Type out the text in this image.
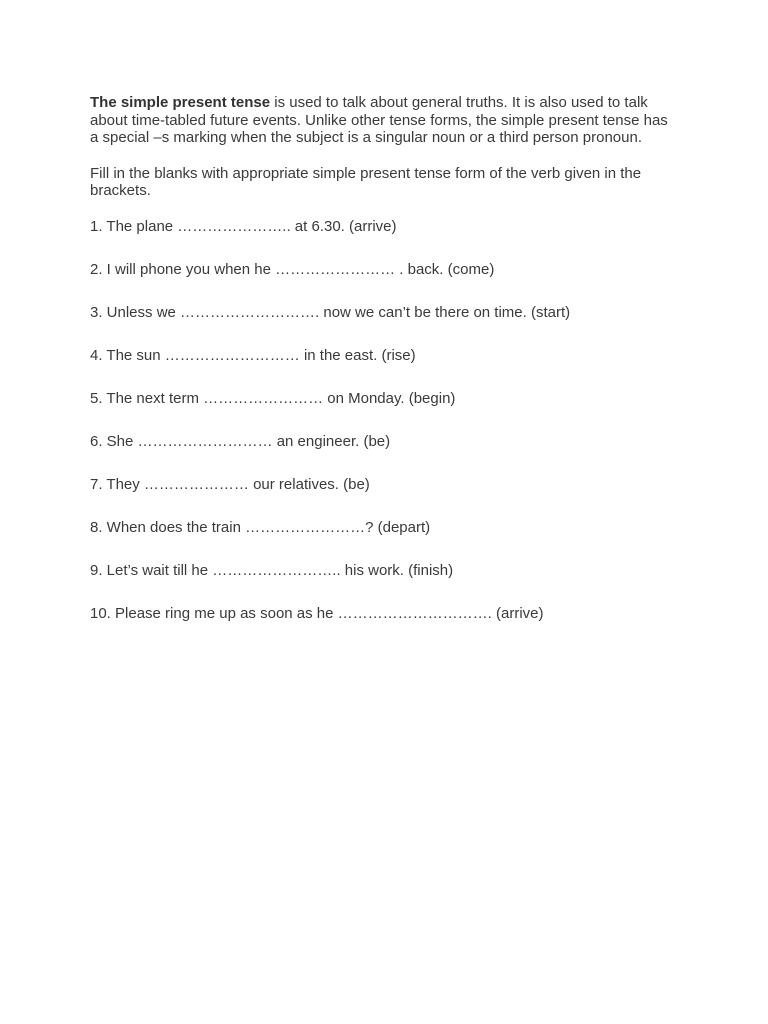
The simple present tense is used to talk about general truths. It is also used to talk about time-tabled future events. Unlike other tense forms, the simple present tense has a special –s marking when the subject is a singular noun or a third person pronoun.

Fill in the blanks with appropriate simple present tense form of the verb given in the brackets.

1. The plane ………………….. at 6.30. (arrive)
2. I will phone you when he …………………… . back. (come)
3. Unless we ………………………. now we can’t be there on time. (start)
4. The sun ……………………… in the east. (rise)
5. The next term …………………… on Monday. (begin)
6. She ……………………… an engineer. (be)
7. They ………………… our relatives. (be)
8. When does the train ……………………? (depart)
9. Let’s wait till he …………………….. his work. (finish)
10. Please ring me up as soon as he …………………………. (arrive)
